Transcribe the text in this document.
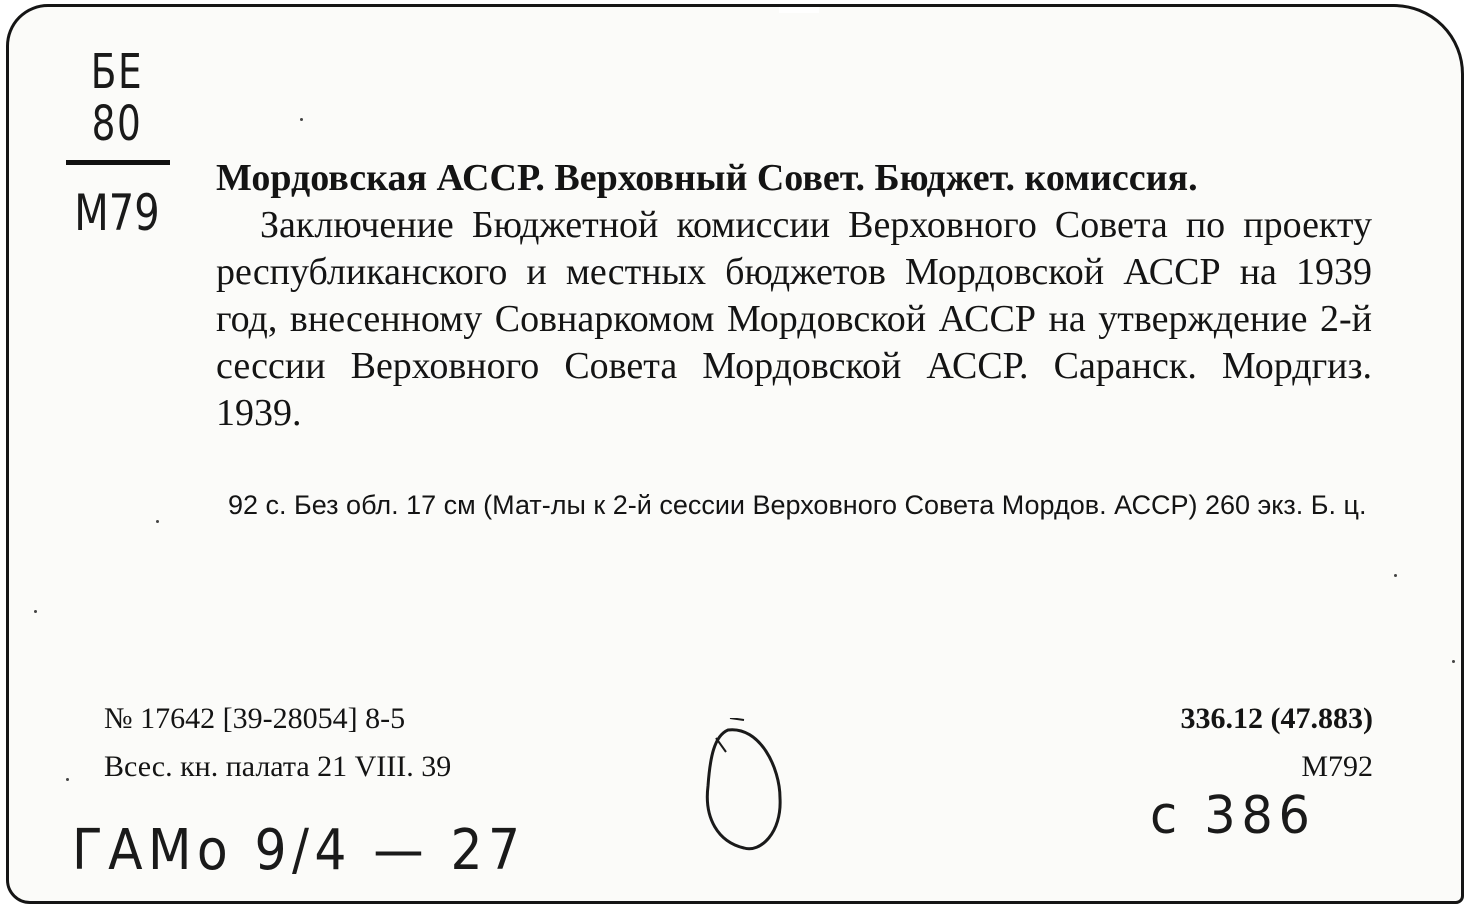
БЕ
80
М79
Мордовская АССР. Верховный Совет. Бюджет. комиссия.
Заключение Бюджетной комиссии Верховного Совета по проекту республиканского и местных бюджетов Мордовской АССР на 1939 год, внесенному Совнаркомом Мордовской АССР на утверждение 2-й сессии Верховного Совета Мордовской АССР. Саранск. Мордгиз. 1939.
92 с. Без обл. 17 см (Мат-лы к 2-й сессии Верховного Совета Мордов. АССР) 260 экз. Б. ц.
№ 17642 [39-28054] 8-5
Всес. кн. палата 21 VIII. 39
336.12 (47.883)
М792
ГАМо 9/4 — 27
с 386
